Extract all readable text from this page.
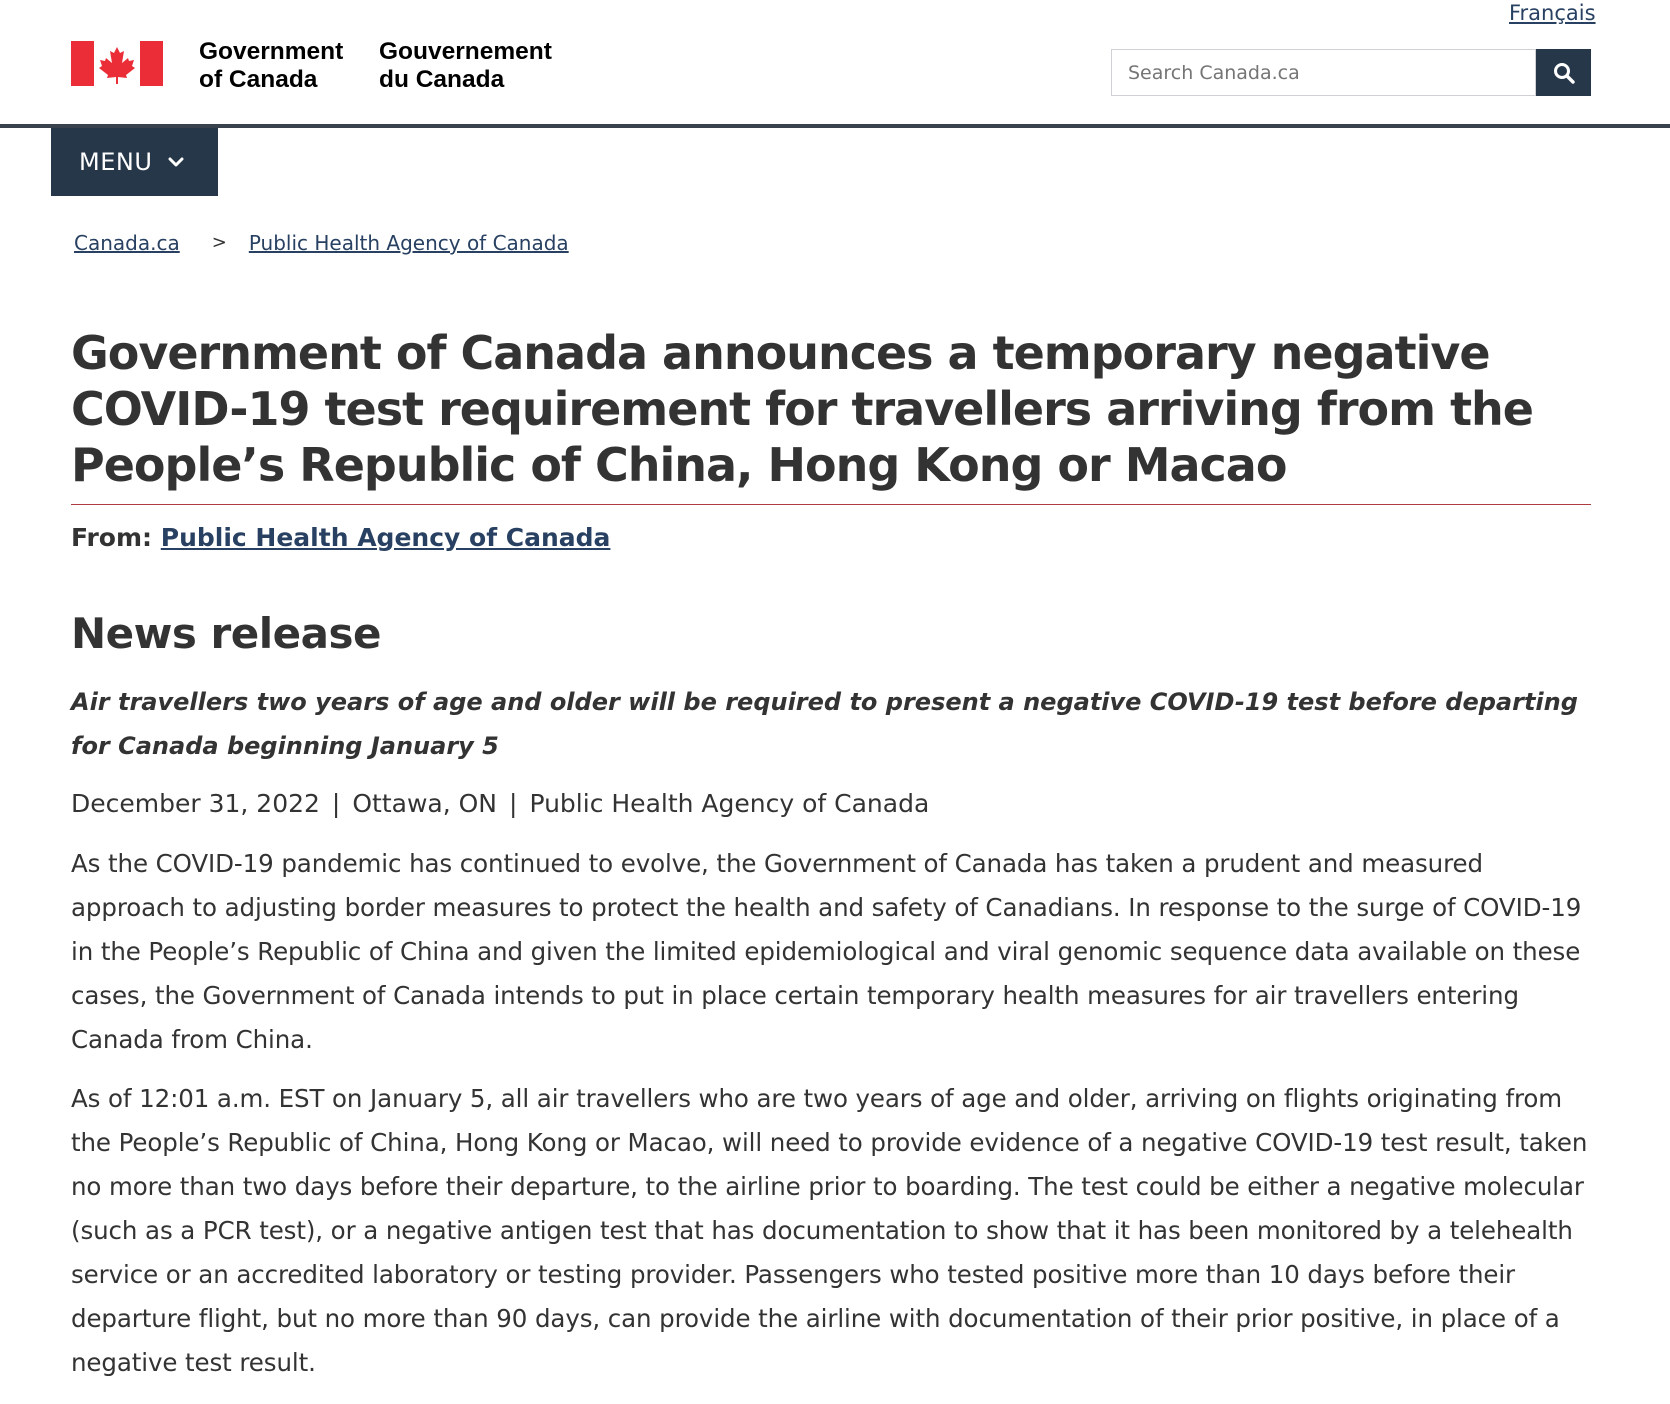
Français
Government
of Canada
Gouvernement
du Canada
Search Canada.ca
MENU
Canada.ca > Public Health Agency of Canada
Government of Canada announces a temporary negative COVID-19 test requirement for travellers arriving from the People’s Republic of China, Hong Kong or Macao
From: Public Health Agency of Canada
News release

Air travellers two years of age and older will be required to present a negative COVID-19 test before departing for Canada beginning January 5

December 31, 2022 | Ottawa, ON | Public Health Agency of Canada

As the COVID-19 pandemic has continued to evolve, the Government of Canada has taken a prudent and measured approach to adjusting border measures to protect the health and safety of Canadians. In response to the surge of COVID-19 in the People’s Republic of China and given the limited epidemiological and viral genomic sequence data available on these cases, the Government of Canada intends to put in place certain temporary health measures for air travellers entering Canada from China.

As of 12:01 a.m. EST on January 5, all air travellers who are two years of age and older, arriving on flights originating from the People’s Republic of China, Hong Kong or Macao, will need to provide evidence of a negative COVID-19 test result, taken no more than two days before their departure, to the airline prior to boarding. The test could be either a negative molecular (such as a PCR test), or a negative antigen test that has documentation to show that it has been monitored by a telehealth service or an accredited laboratory or testing provider. Passengers who tested positive more than 10 days before their departure flight, but no more than 90 days, can provide the airline with documentation of their prior positive, in place of a negative test result.
